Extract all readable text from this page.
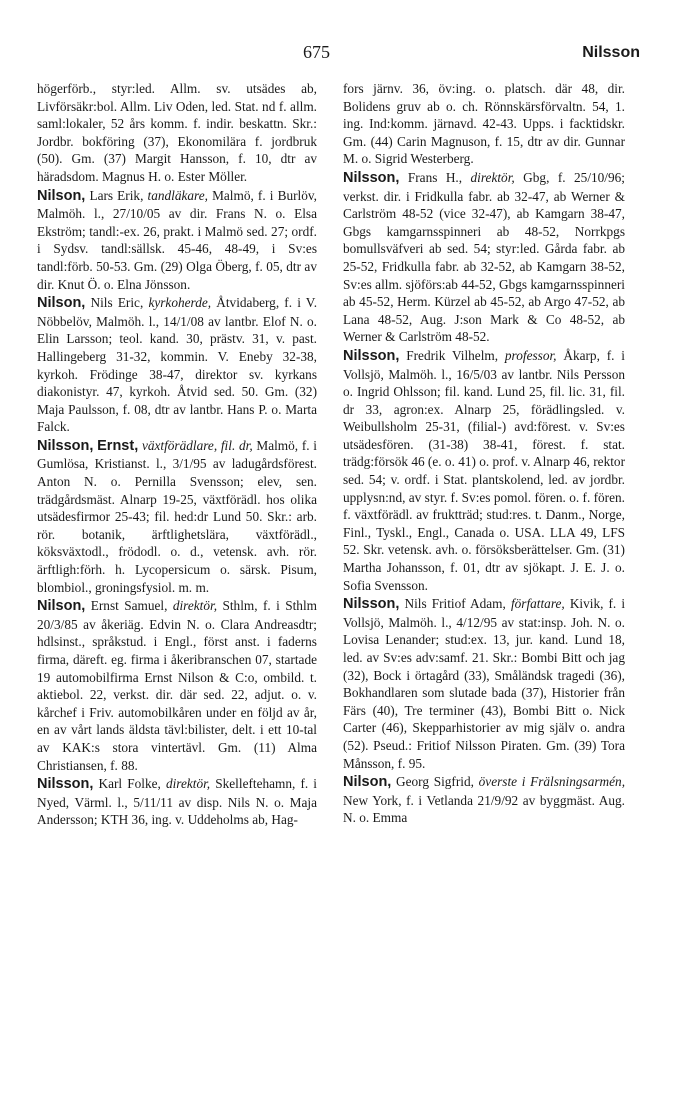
675	Nilsson

högerförb., styr:led. Allm. sv. utsädes ab, Livförsäkr:bol. Allm. Liv Oden, led. Stat. nd f. allm. saml:lokaler, 52 års komm. f. indir. beskattn. Skr.: Jordbr. bokföring (37), Ekonomilära f. jordbruk (50). Gm. (37) Margit Hansson, f. 10, dtr av häradsdom. Magnus H. o. Ester Möller.

Nilson, Lars Erik, tandläkare, Malmö, f. i Burlöv, Malmöh. l., 27/10/05 av dir. Frans N. o. Elsa Ekström; tandl:-ex. 26, prakt. i Malmö sed. 27; ordf. i Sydsv. tandl:sällsk. 45-46, 48-49, i Sv:es tandl:förb. 50-53. Gm. (29) Olga Öberg, f. 05, dtr av dir. Knut Ö. o. Elna Jönsson.

Nilson, Nils Eric, kyrkoherde, Åtvidaberg, f. i V. Nöbbelöv, Malmöh. l., 14/1/08 av lantbr. Elof N. o. Elin Larsson; teol. kand. 30, prästv. 31, v. past. Hallingeberg 31-32, kommin. V. Eneby 32-38, kyrkoh. Frödinge 38-47, direktor sv. kyrkans diakonistyr. 47, kyrkoh. Åtvid sed. 50. Gm. (32) Maja Paulsson, f. 08, dtr av lantbr. Hans P. o. Marta Falck.

Nilsson, Ernst, växtförädlare, fil. dr, Malmö, f. i Gumlösa, Kristianst. l., 3/1/95 av ladugårdsförest. Anton N. o. Pernilla Svensson; elev, sen. trädgårdsmäst. Alnarp 19-25, växtförädl. hos olika utsädesfirmor 25-43; fil. hed:dr Lund 50. Skr.: arb. rör. botanik, ärftlighetslära, växtförädl., köksväxtodl., frödodl. o. d., vetensk. avh. rör. ärftligh:förh. h. Lycopersicum o. särsk. Pisum, blombiol., groningsfysiol. m. m.

Nilson, Ernst Samuel, direktör, Sthlm, f. i Sthlm 20/3/85 av åkeriäg. Edvin N. o. Clara Andreasdtr; hdlsinst., språkstud. i Engl., först anst. i faderns firma, däreft. eg. firma i åkeribranschen 07, startade 19 automobilfirma Ernst Nilson & C:o, ombild. t. aktiebol. 22, verkst. dir. där sed. 22, adjut. o. v. kårchef i Friv. automobilkåren under en följd av år, en av vårt lands äldsta tävl:bilister, delt. i ett 10-tal av KAK:s stora vintertävl. Gm. (11) Alma Christiansen, f. 88.

Nilsson, Karl Folke, direktör, Skelleftehamn, f. i Nyed, Värml. l., 5/11/11 av disp. Nils N. o. Maja Andersson; KTH 36, ing. v. Uddeholms ab, Hag-

fors järnv. 36, öv:ing. o. platsch. där 48, dir. Bolidens gruv ab o. ch. Rönnskärsförvaltn. 54, 1. ing. Ind:komm. järnavd. 42-43. Upps. i facktidskr. Gm. (44) Carin Magnuson, f. 15, dtr av dir. Gunnar M. o. Sigrid Westerberg.

Nilsson, Frans H., direktör, Gbg, f. 25/10/96; verkst. dir. i Fridkulla fabr. ab 32-47, ab Werner & Carlström 48-52 (vice 32-47), ab Kamgarn 38-47, Gbgs kamgarnsspinneri ab 48-52, Norrkpgs bomullsväfveri ab sed. 54; styr:led. Gårda fabr. ab 25-52, Fridkulla fabr. ab 32-52, ab Kamgarn 38-52, Sv:es allm. sjöförs:ab 44-52, Gbgs kamgarnsspinneri ab 45-52, Herm. Kürzel ab 45-52, ab Argo 47-52, ab Lana 48-52, Aug. J:son Mark & Co 48-52, ab Werner & Carlström 48-52.

Nilsson, Fredrik Vilhelm, professor, Åkarp, f. i Vollsjö, Malmöh. l., 16/5/03 av lantbr. Nils Persson o. Ingrid Ohlsson; fil. kand. Lund 25, fil. lic. 31, fil. dr 33, agron:ex. Alnarp 25, förädlingsled. v. Weibullsholm 25-31, (filial-) avd:förest. v. Sv:es utsädesfören. (31-38) 38-41, förest. f. stat. trädg:försök 46 (e. o. 41) o. prof. v. Alnarp 46, rektor sed. 54; v. ordf. i Stat. plantskolend, led. av jordbr. upplysn:nd, av styr. f. Sv:es pomol. fören. o. f. fören. f. växtförädl. av fruktträd; stud:res. t. Danm., Norge, Finl., Tyskl., Engl., Canada o. USA. LLA 49, LFS 52. Skr. vetensk. avh. o. försöksberättelser. Gm. (31) Martha Johansson, f. 01, dtr av sjökapt. J. E. J. o. Sofia Svensson.

Nilsson, Nils Fritiof Adam, författare, Kivik, f. i Vollsjö, Malmöh. l., 4/12/95 av stat:insp. Joh. N. o. Lovisa Lenander; stud:ex. 13, jur. kand. Lund 18, led. av Sv:es adv:samf. 21. Skr.: Bombi Bitt och jag (32), Bock i örtagård (33), Småländsk tragedi (36), Bokhandlaren som slutade bada (37), Historier från Färs (40), Tre terminer (43), Bombi Bitt o. Nick Carter (46), Skepparhistorier av mig själv o. andra (52). Pseud.: Fritiof Nilsson Piraten. Gm. (39) Tora Månsson, f. 95.

Nilson, Georg Sigfrid, överste i Frälsningsarmén, New York, f. i Vetlanda 21/9/92 av byggmäst. Aug. N. o. Emma
